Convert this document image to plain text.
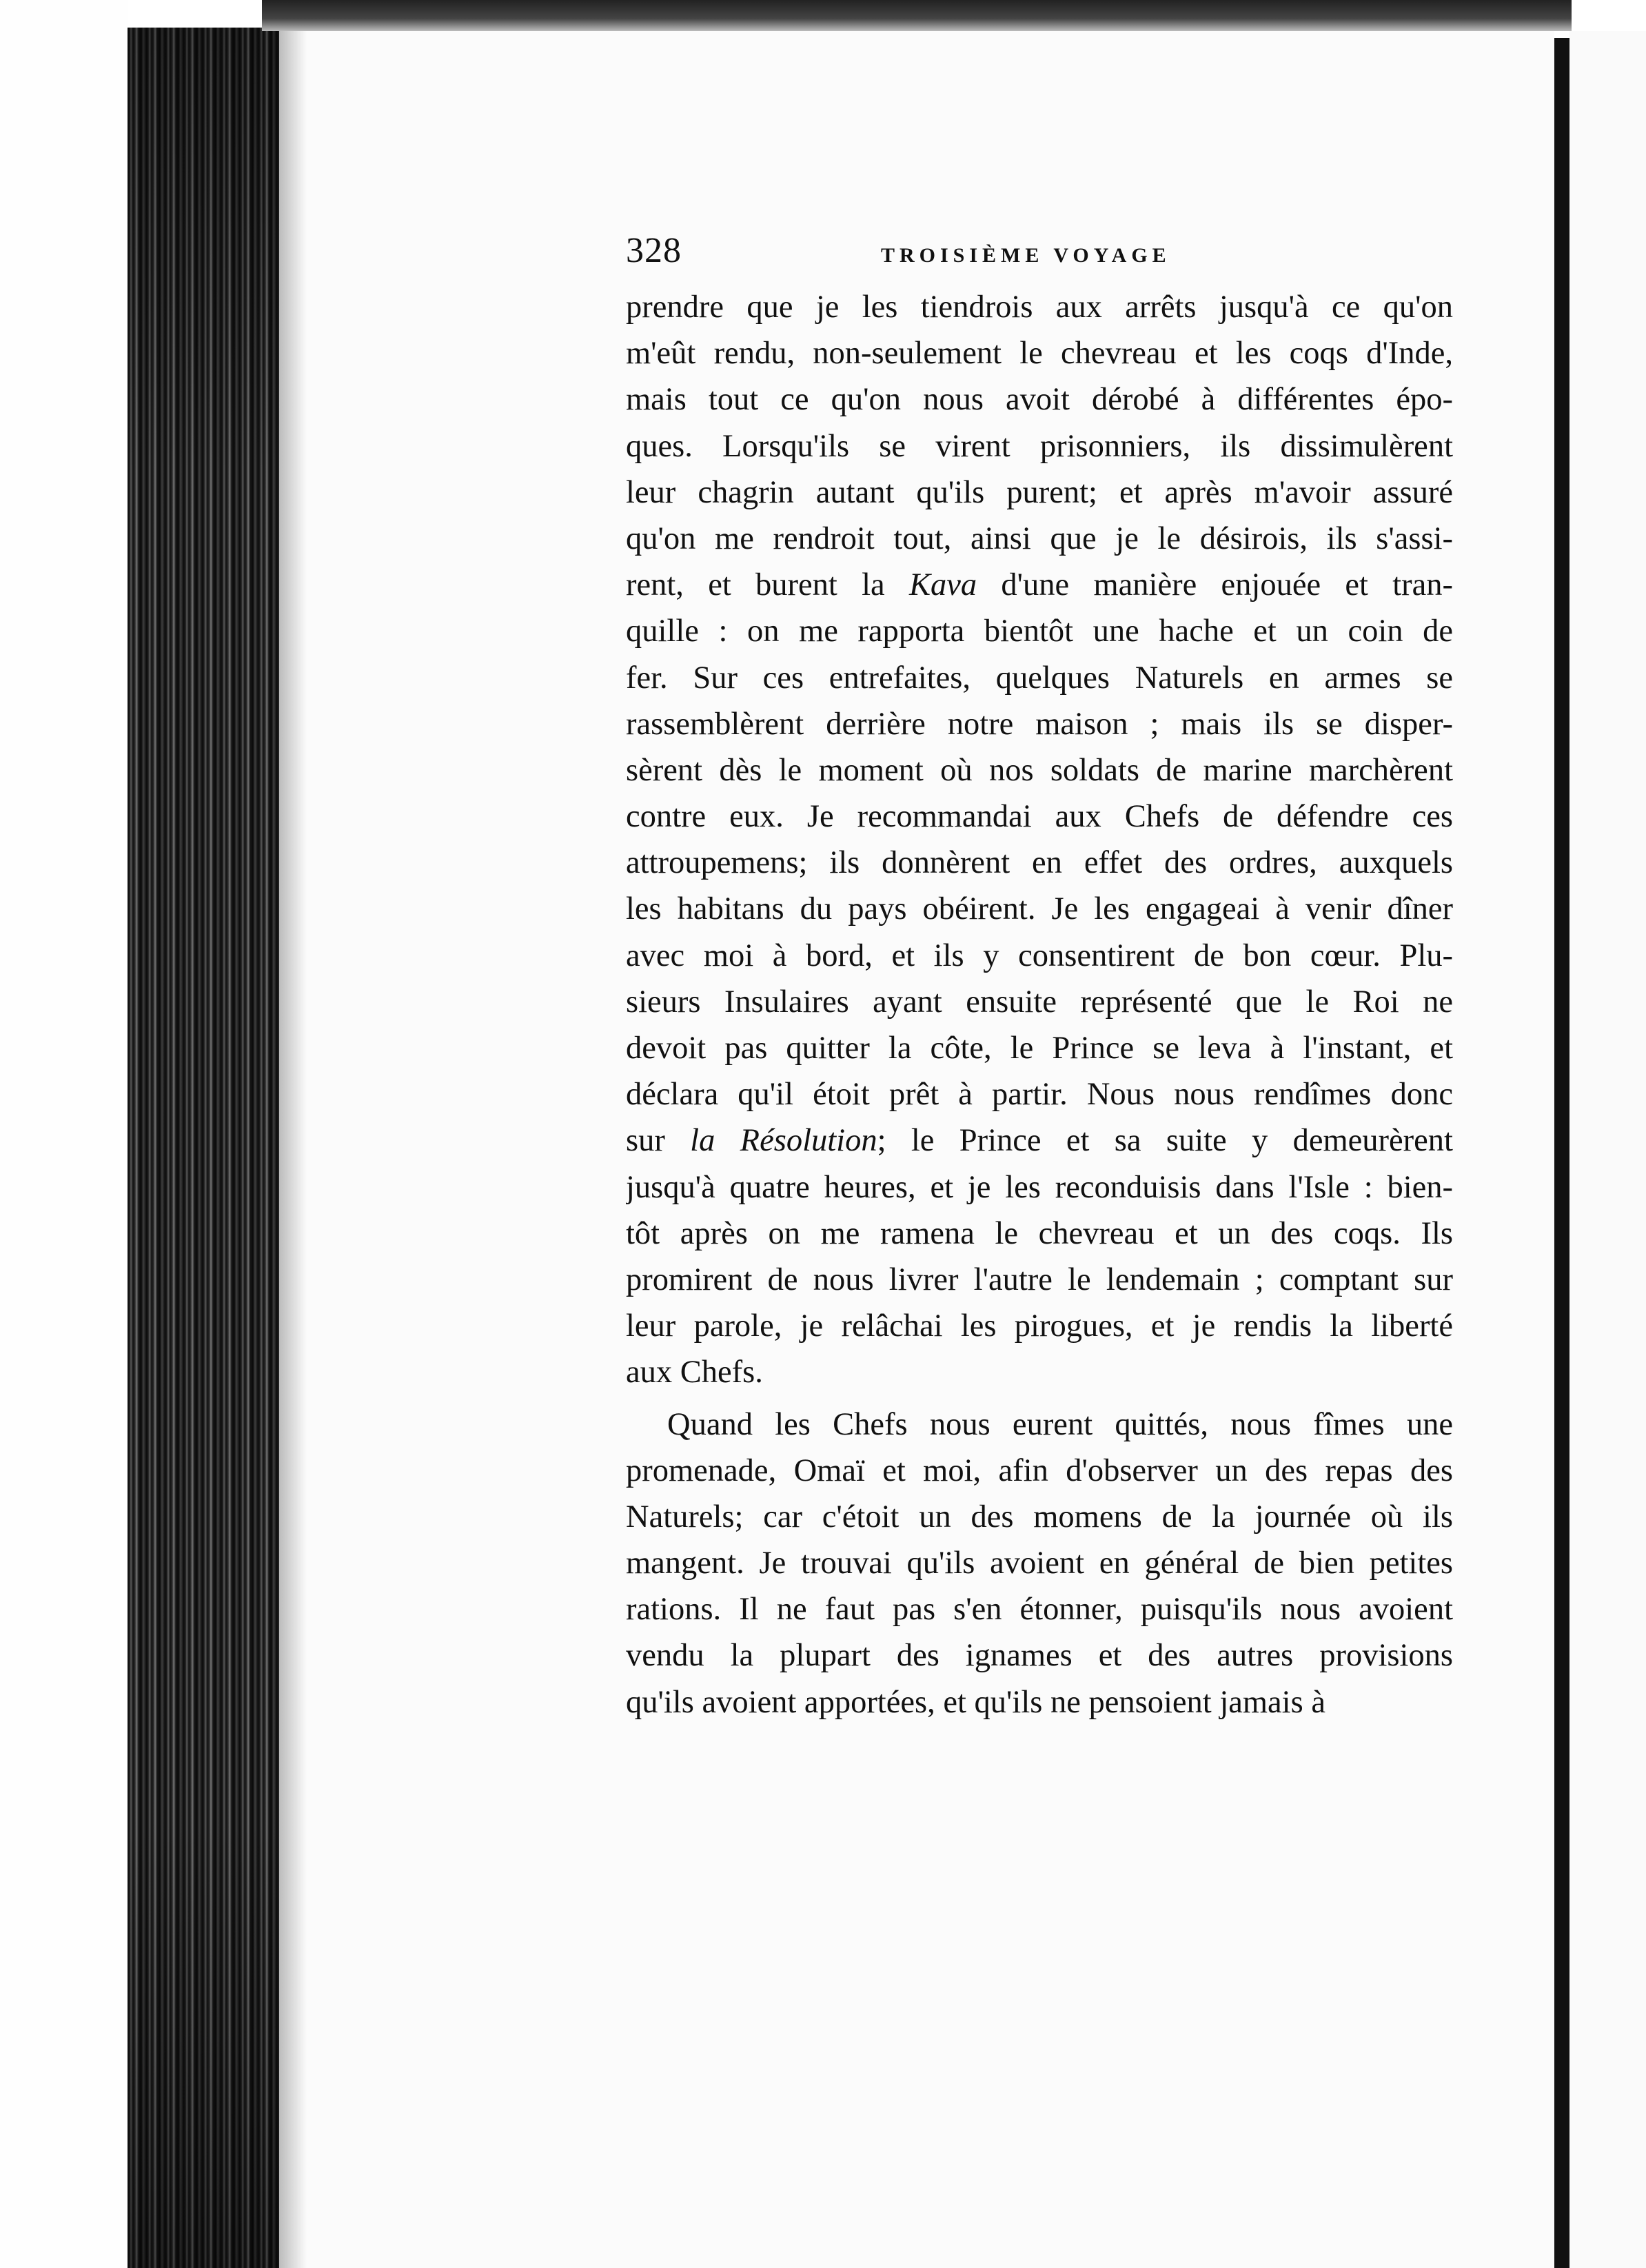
328	TROISIÈME VOYAGE
prendre que je les tiendrois aux arrêts jusqu'à ce qu'on
m'eût rendu, non-seulement le chevreau et les coqs d'Inde,
mais tout ce qu'on nous avoit dérobé à différentes épo-
ques. Lorsqu'ils se virent prisonniers, ils dissimulèrent
leur chagrin autant qu'ils purent; et après m'avoir assuré
qu'on me rendroit tout, ainsi que je le désirois, ils s'assi-
rent, et burent la Kava d'une manière enjouée et tran-
quille : on me rapporta bientôt une hache et un coin de
fer. Sur ces entrefaites, quelques Naturels en armes se
rassemblèrent derrière notre maison ; mais ils se disper-
sèrent dès le moment où nos soldats de marine marchèrent
contre eux. Je recommandai aux Chefs de défendre ces
attroupemens; ils donnèrent en effet des ordres, auxquels
les habitans du pays obéirent. Je les engageai à venir dîner
avec moi à bord, et ils y consentirent de bon cœur. Plu-
sieurs Insulaires ayant ensuite représenté que le Roi ne
devoit pas quitter la côte, le Prince se leva à l'instant, et
déclara qu'il étoit prêt à partir. Nous nous rendîmes donc
sur la Résolution; le Prince et sa suite y demeurèrent
jusqu'à quatre heures, et je les reconduisis dans l'Isle : bien-
tôt après on me ramena le chevreau et un des coqs. Ils
promirent de nous livrer l'autre le lendemain ; comptant sur
leur parole, je relâchai les pirogues, et je rendis la liberté
aux Chefs.
Quand les Chefs nous eurent quittés, nous fîmes une
promenade, Omaï et moi, afin d'observer un des repas des
Naturels; car c'étoit un des momens de la journée où ils
mangent. Je trouvai qu'ils avoient en général de bien petites
rations. Il ne faut pas s'en étonner, puisqu'ils nous avoient
vendu la plupart des ignames et des autres provisions
qu'ils avoient apportées, et qu'ils ne pensoient jamais à
